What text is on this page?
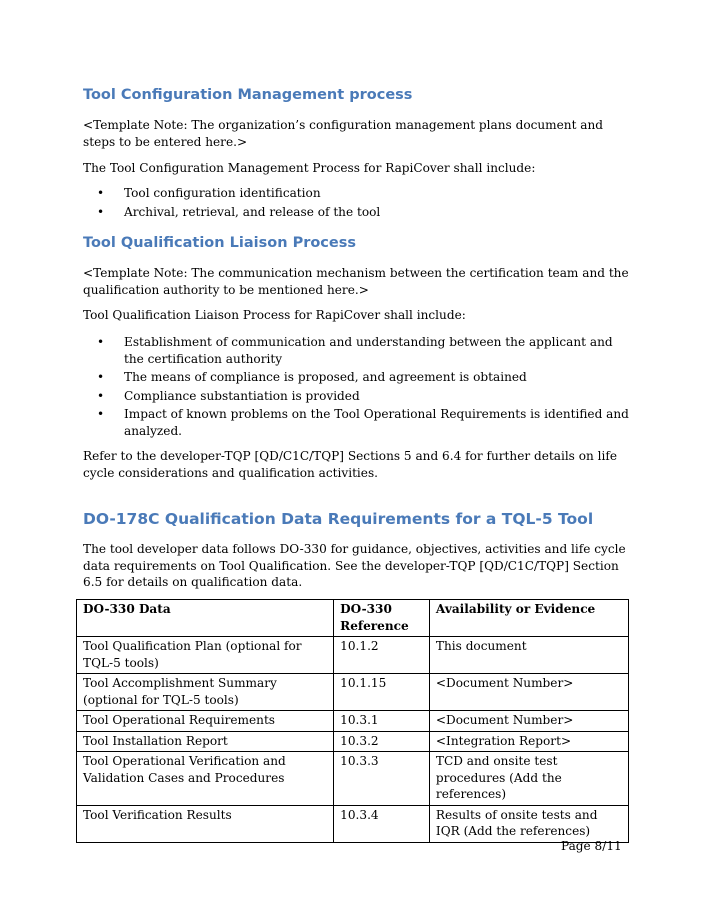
Tool Configuration Management process

<Template Note: The organization’s configuration management plans document and steps to be entered here.>

The Tool Configuration Management Process for RapiCover shall include:

• Tool configuration identification
• Archival, retrieval, and release of the tool
Tool Qualification Liaison Process

<Template Note: The communication mechanism between the certification team and the qualification authority to be mentioned here.>

Tool Qualification Liaison Process for RapiCover shall include:

• Establishment of communication and understanding between the applicant and the certification authority
• The means of compliance is proposed, and agreement is obtained
• Compliance substantiation is provided
• Impact of known problems on the Tool Operational Requirements is identified and analyzed.

Refer to the developer-TQP [QD/C1C/TQP] Sections 5 and 6.4 for further details on life cycle considerations and qualification activities.

DO-178C Qualification Data Requirements for a TQL-5 Tool

The tool developer data follows DO-330 for guidance, objectives, activities and life cycle data requirements on Tool Qualification. See the developer-TQP [QD/C1C/TQP] Section 6.5 for details on qualification data.

DO-330 Data	DO-330 Reference	Availability or Evidence
Tool Qualification Plan (optional for TQL-5 tools)	10.1.2	This document
Tool Accomplishment Summary (optional for TQL-5 tools)	10.1.15	<Document Number>
Tool Operational Requirements	10.3.1	<Document Number>
Tool Installation Report	10.3.2	<Integration Report>
Tool Operational Verification and Validation Cases and Procedures	10.3.3	TCD and onsite test procedures (Add the references)
Tool Verification Results	10.3.4	Results of onsite tests and IQR (Add the references)
Page 8/11
